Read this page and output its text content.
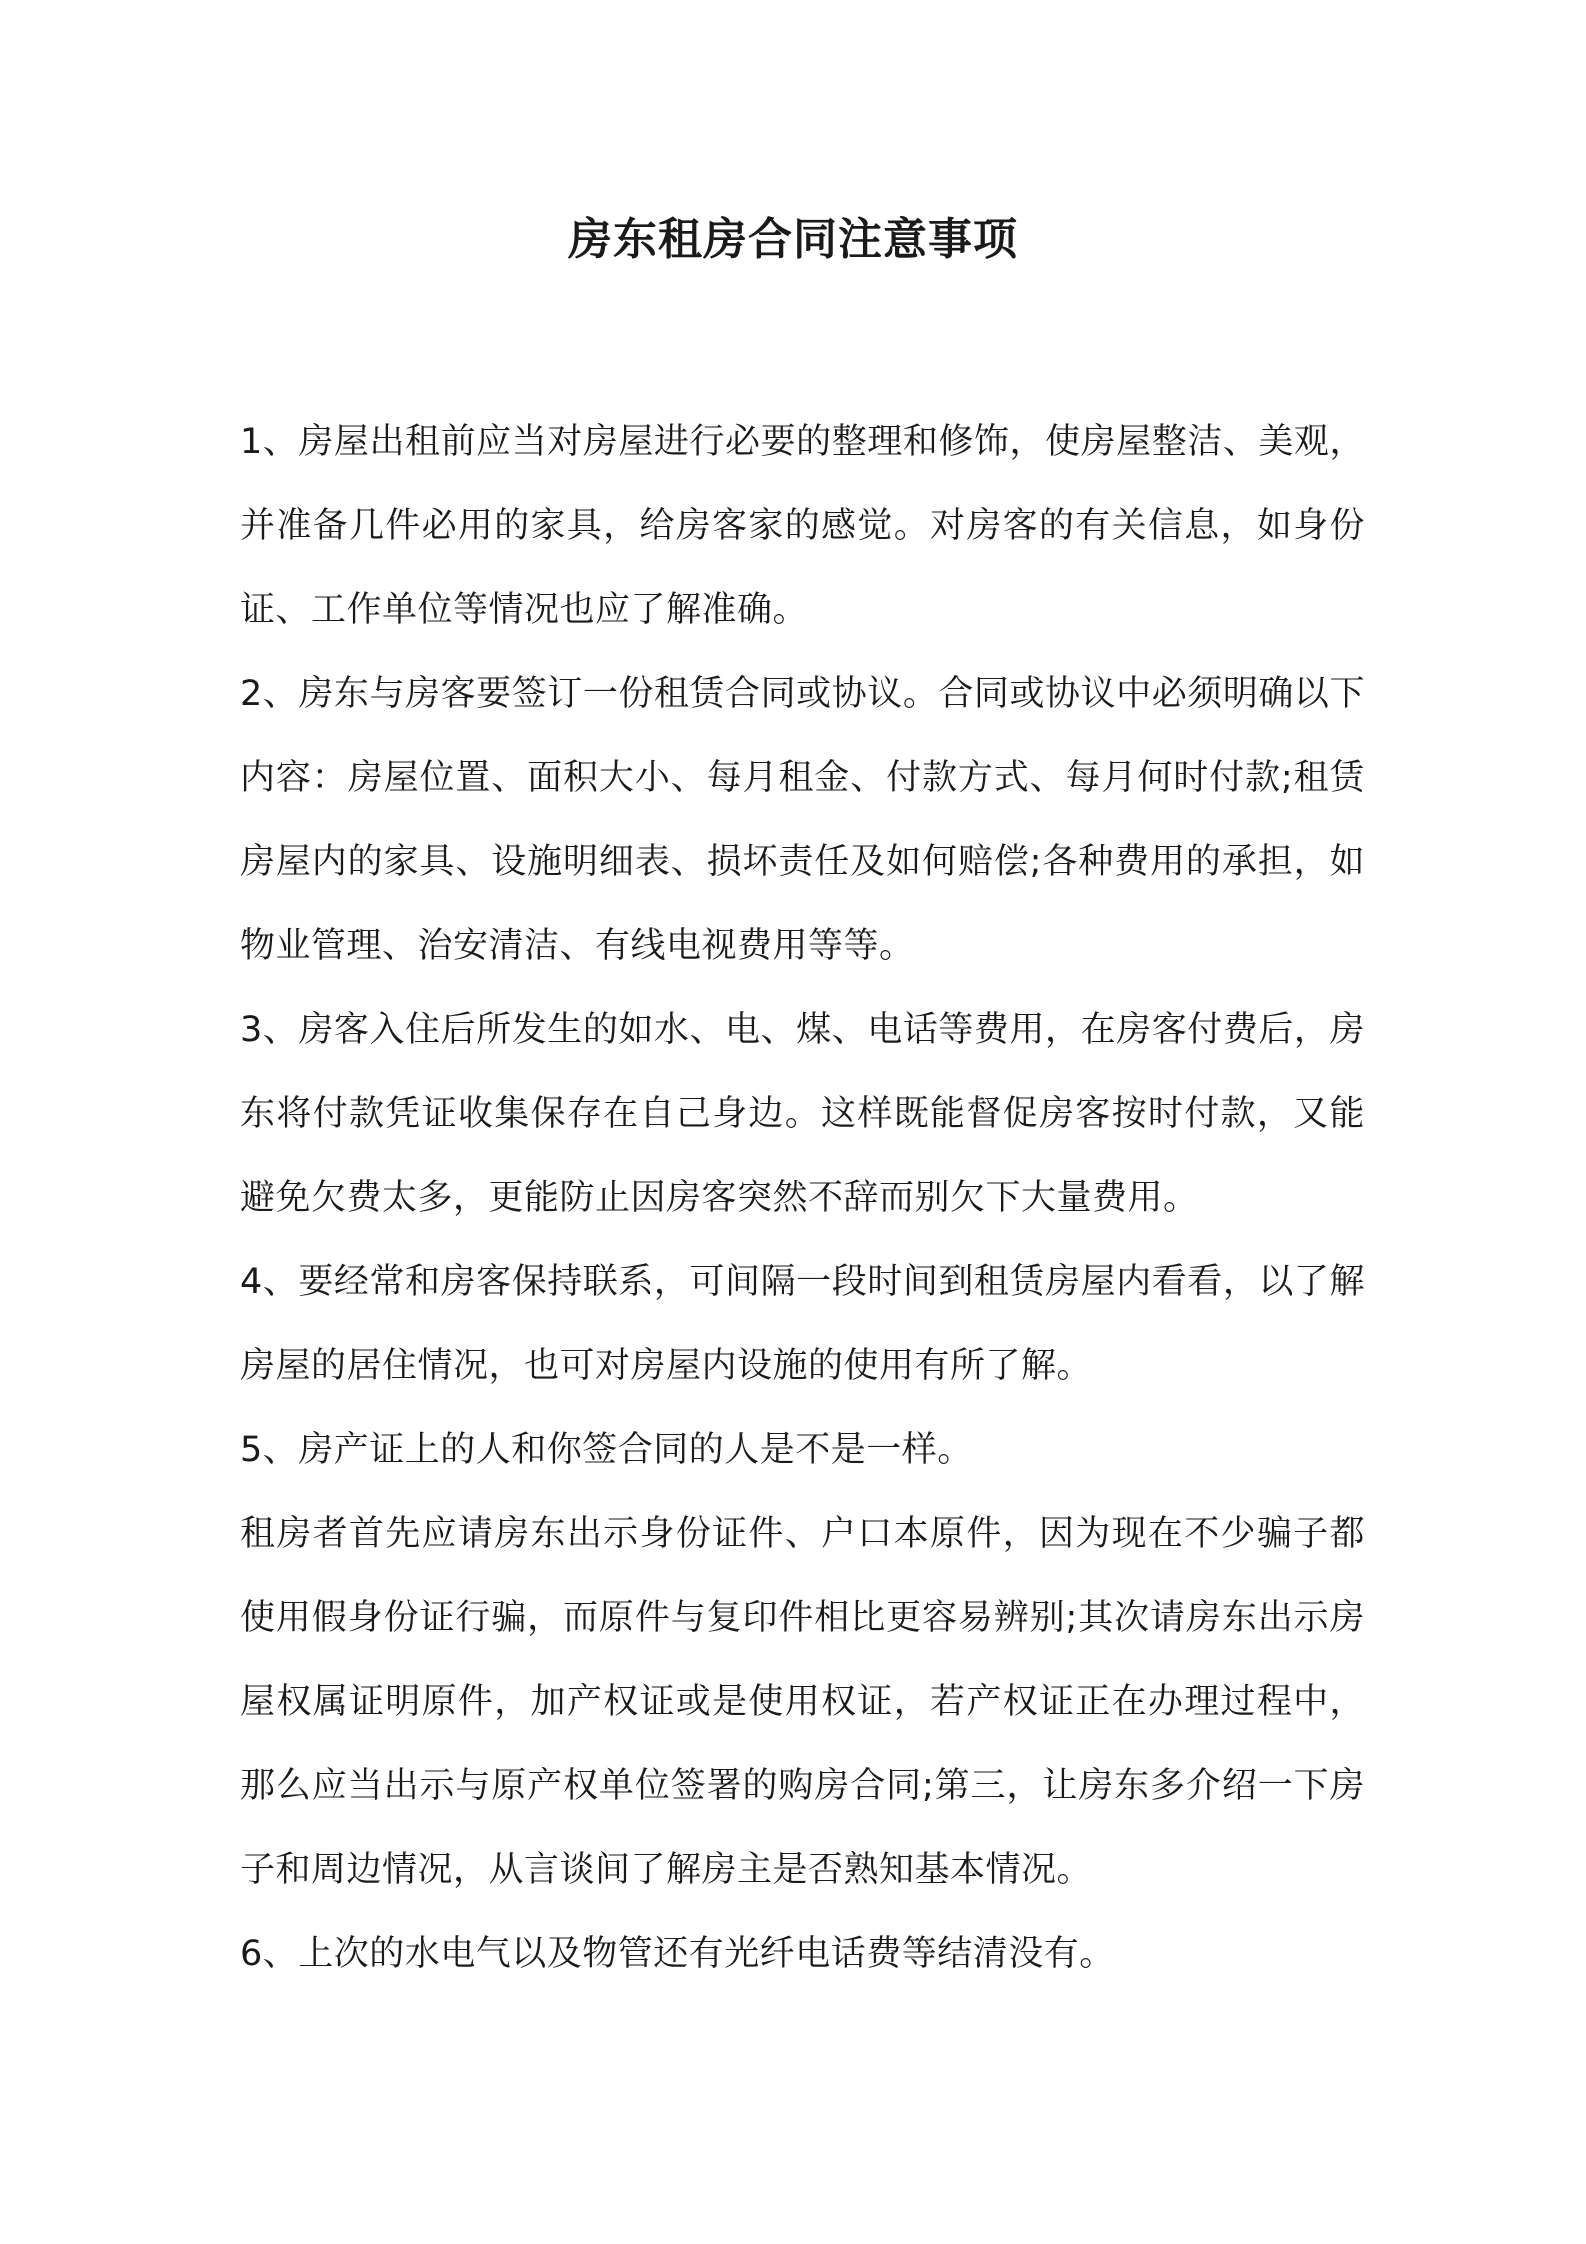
房东租房合同注意事项

1、房屋出租前应当对房屋进行必要的整理和修饰，使房屋整洁、美观，并准备几件必用的家具，给房客家的感觉。对房客的有关信息，如身份证、工作单位等情况也应了解准确。

2、房东与房客要签订一份租赁合同或协议。合同或协议中必须明确以下内容：房屋位置、面积大小、每月租金、付款方式、每月何时付款;租赁房屋内的家具、设施明细表、损坏责任及如何赔偿;各种费用的承担，如物业管理、治安清洁、有线电视费用等等。

3、房客入住后所发生的如水、电、煤、电话等费用，在房客付费后，房东将付款凭证收集保存在自己身边。这样既能督促房客按时付款，又能避免欠费太多，更能防止因房客突然不辞而别欠下大量费用。

4、要经常和房客保持联系，可间隔一段时间到租赁房屋内看看，以了解房屋的居住情况，也可对房屋内设施的使用有所了解。

5、房产证上的人和你签合同的人是不是一样。

租房者首先应请房东出示身份证件、户口本原件，因为现在不少骗子都使用假身份证行骗，而原件与复印件相比更容易辨别;其次请房东出示房屋权属证明原件，加产权证或是使用权证，若产权证正在办理过程中，那么应当出示与原产权单位签署的购房合同;第三，让房东多介绍一下房子和周边情况，从言谈间了解房主是否熟知基本情况。

6、上次的水电气以及物管还有光纤电话费等结清没有。
